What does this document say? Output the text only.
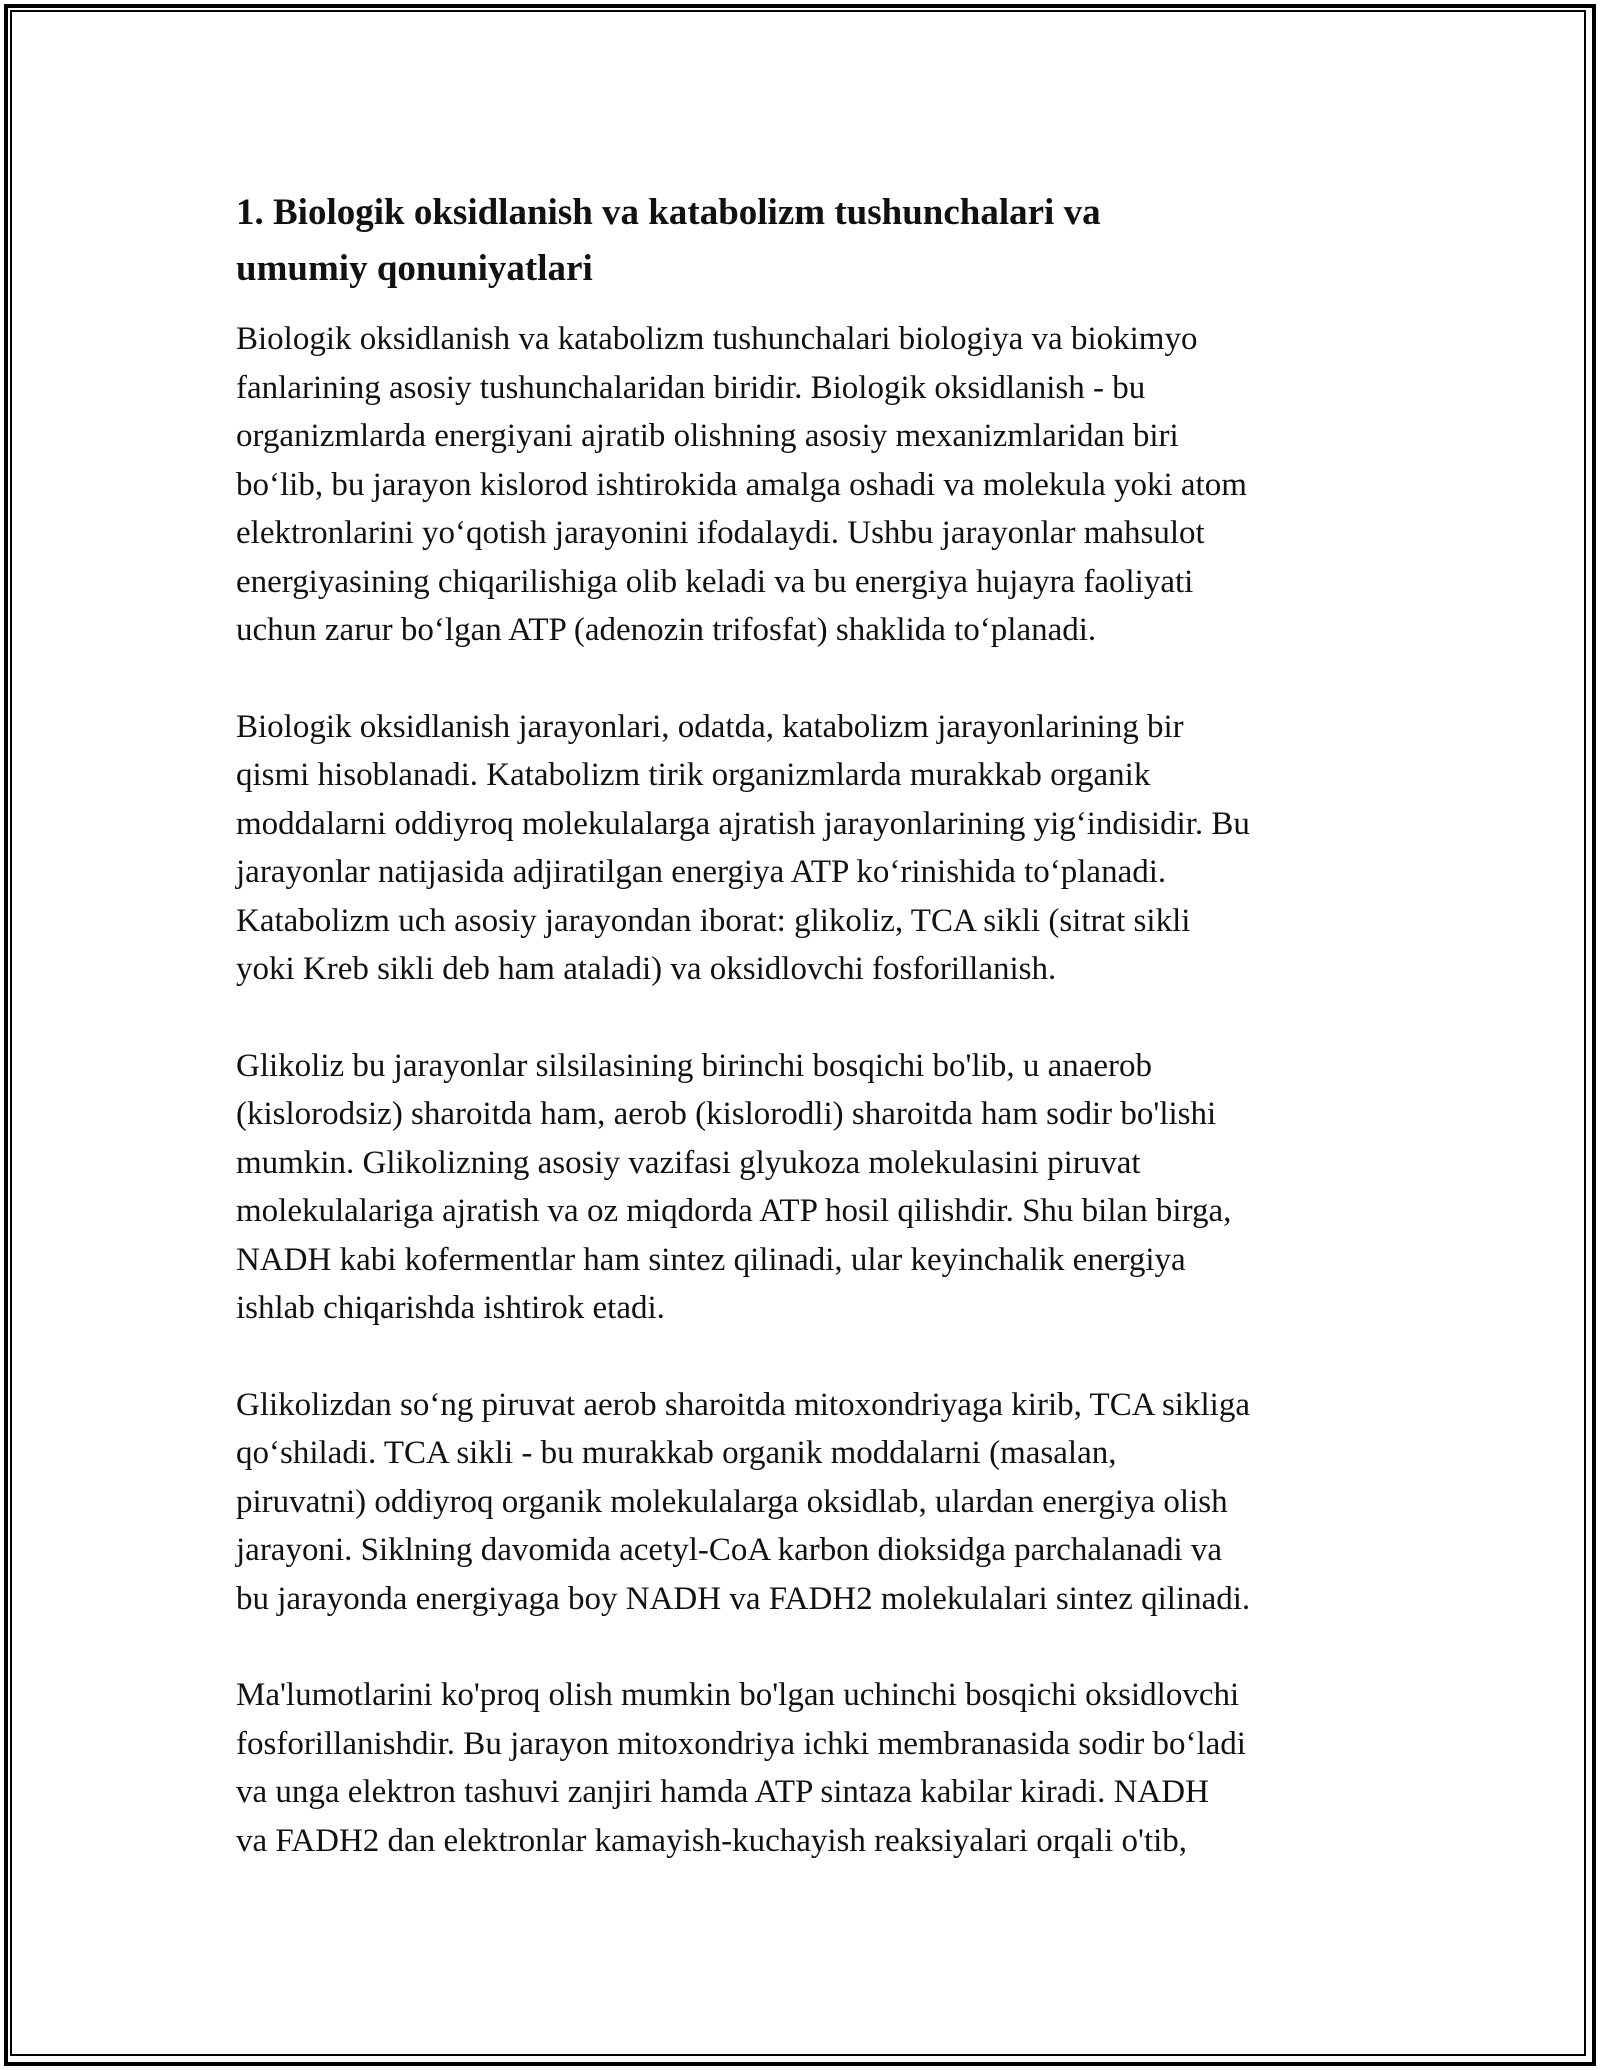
1. Biologik oksidlanish va katabolizm tushunchalari va
umumiy qonuniyatlari
Biologik oksidlanish va katabolizm tushunchalari biologiya va biokimyo
fanlarining asosiy tushunchalaridan biridir. Biologik oksidlanish - bu
organizmlarda energiyani ajratib olishning asosiy mexanizmlaridan biri
bo‘lib, bu jarayon kislorod ishtirokida amalga oshadi va molekula yoki atom
elektronlarini yo‘qotish jarayonini ifodalaydi. Ushbu jarayonlar mahsulot
energiyasining chiqarilishiga olib keladi va bu energiya hujayra faoliyati
uchun zarur bo‘lgan ATP (adenozin trifosfat) shaklida to‘planadi.
Biologik oksidlanish jarayonlari, odatda, katabolizm jarayonlarining bir
qismi hisoblanadi. Katabolizm tirik organizmlarda murakkab organik
moddalarni oddiyroq molekulalarga ajratish jarayonlarining yig‘indisidir. Bu
jarayonlar natijasida adjiratilgan energiya ATP ko‘rinishida to‘planadi.
Katabolizm uch asosiy jarayondan iborat: glikoliz, TCA sikli (sitrat sikli
yoki Kreb sikli deb ham ataladi) va oksidlovchi fosforillanish.
Glikoliz bu jarayonlar silsilasining birinchi bosqichi bo'lib, u anaerob
(kislorodsiz) sharoitda ham, aerob (kislorodli) sharoitda ham sodir bo'lishi
mumkin. Glikolizning asosiy vazifasi glyukoza molekulasini piruvat
molekulalariga ajratish va oz miqdorda ATP hosil qilishdir. Shu bilan birga,
NADH kabi kofermentlar ham sintez qilinadi, ular keyinchalik energiya
ishlab chiqarishda ishtirok etadi.
Glikolizdan so‘ng piruvat aerob sharoitda mitoxondriyaga kirib, TCA sikliga
qo‘shiladi. TCA sikli - bu murakkab organik moddalarni (masalan,
piruvatni) oddiyroq organik molekulalarga oksidlab, ulardan energiya olish
jarayoni. Siklning davomida acetyl-CoA karbon dioksidga parchalanadi va
bu jarayonda energiyaga boy NADH va FADH2 molekulalari sintez qilinadi.
Ma'lumotlarini ko'proq olish mumkin bo'lgan uchinchi bosqichi oksidlovchi
fosforillanishdir. Bu jarayon mitoxondriya ichki membranasida sodir bo‘ladi
va unga elektron tashuvi zanjiri hamda ATP sintaza kabilar kiradi. NADH
va FADH2 dan elektronlar kamayish-kuchayish reaksiyalari orqali o'tib,
